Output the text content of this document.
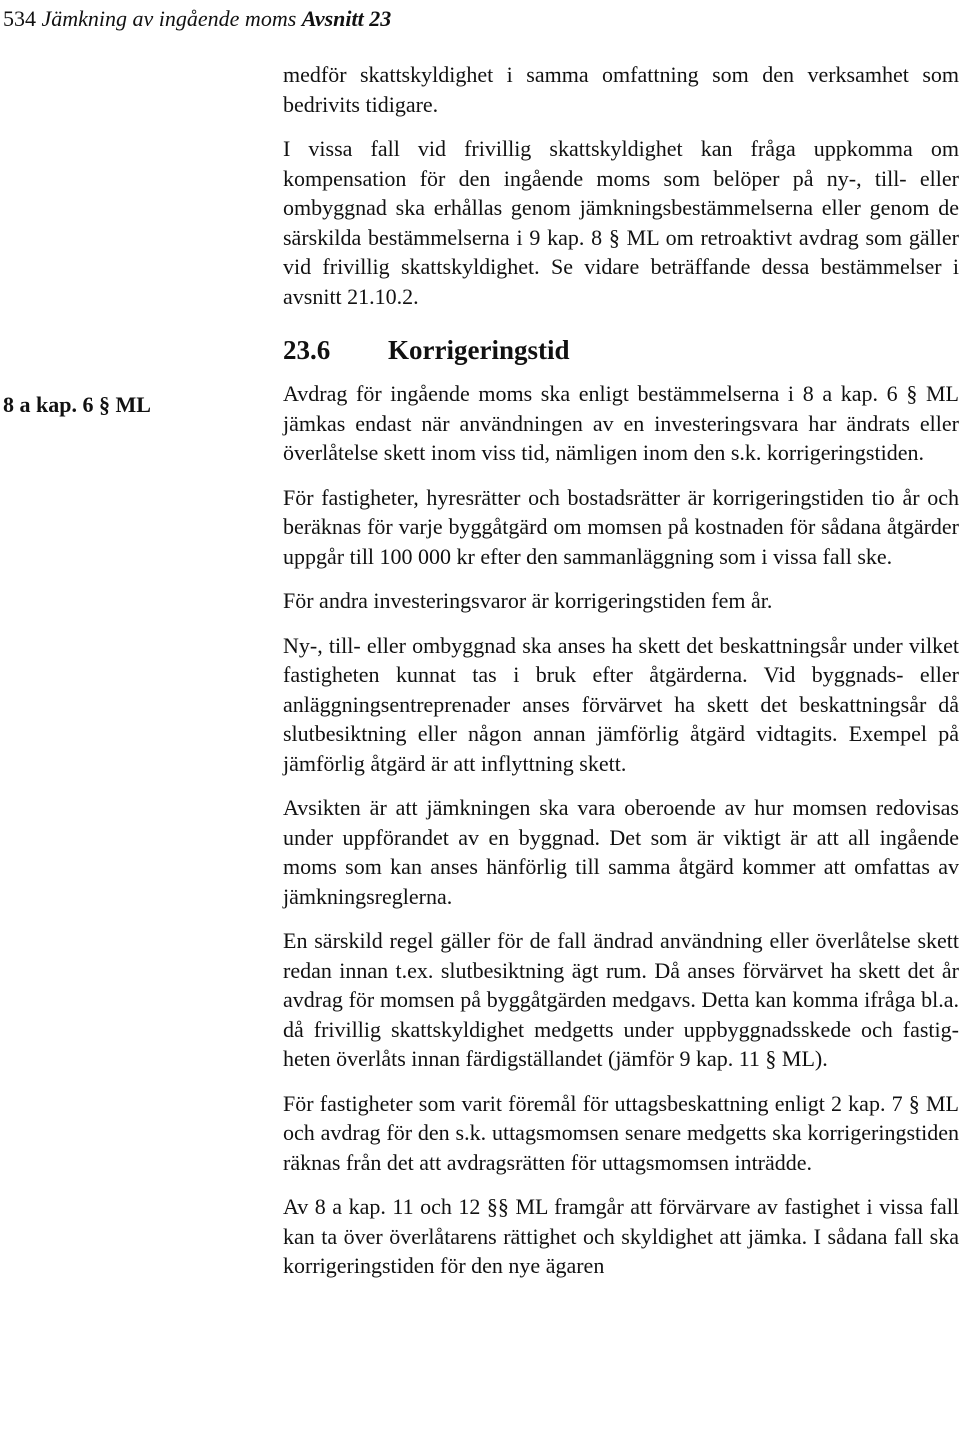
534 Jämkning av ingående moms Avsnitt 23
8 a kap. 6 § ML

medför skattskyldighet i samma omfattning som den verksamhet som bedrivits tidigare.

I vissa fall vid frivillig skattskyldighet kan fråga uppkomma om kompensation för den ingående moms som belöper på ny-, till- eller ombyggnad ska erhållas genom jämkningsbestämmelserna eller genom de särskilda bestämmelserna i 9 kap. 8 § ML om retroaktivt avdrag som gäller vid frivillig skattskyldighet. Se vidare beträffande dessa bestämmelser i avsnitt 21.10.2.

23.6 Korrigeringstid

Avdrag för ingående moms ska enligt bestämmelserna i 8 a kap. 6 § ML jämkas endast när användningen av en investeringsvara har ändrats eller överlåtelse skett inom viss tid, nämligen inom den s.k. korrigeringstiden.

För fastigheter, hyresrätter och bostadsrätter är korrigeringstiden tio år och beräknas för varje byggåtgärd om momsen på kostnaden för sådana åtgärder uppgår till 100 000 kr efter den sammanläggning som i vissa fall ske.

För andra investeringsvaror är korrigeringstiden fem år.

Ny-, till- eller ombyggnad ska anses ha skett det beskattningsår under vilket fastigheten kunnat tas i bruk efter åtgärderna. Vid byggnads- eller anläggningsentreprenader anses förvärvet ha skett det beskattningsår då slutbesiktning eller någon annan jämförlig åtgärd vidtagits. Exempel på jämförlig åtgärd är att inflyttning skett.

Avsikten är att jämkningen ska vara oberoende av hur momsen redovisas under uppförandet av en byggnad. Det som är viktigt är att all ingående moms som kan anses hänförlig till samma åtgärd kommer att omfattas av jämkningsreglerna.

En särskild regel gäller för de fall ändrad användning eller överlåtelse skett redan innan t.ex. slutbesiktning ägt rum. Då anses förvärvet ha skett det år avdrag för momsen på byggåtgärden medgavs. Detta kan komma ifråga bl.a. då frivillig skattskyldighet medgetts under uppbyggnadsskede och fastigheten överlåts innan färdigställandet (jämför 9 kap. 11 § ML).

För fastigheter som varit föremål för uttagsbeskattning enligt 2 kap. 7 § ML och avdrag för den s.k. uttagsmomsen senare medgetts ska korrigeringstiden räknas från det att avdragsrätten för uttagsmomsen inträdde.

Av 8 a kap. 11 och 12 §§ ML framgår att förvärvare av fastighet i vissa fall kan ta över överlåtarens rättighet och skyldighet att jämka. I sådana fall ska korrigeringstiden för den nye ägaren
